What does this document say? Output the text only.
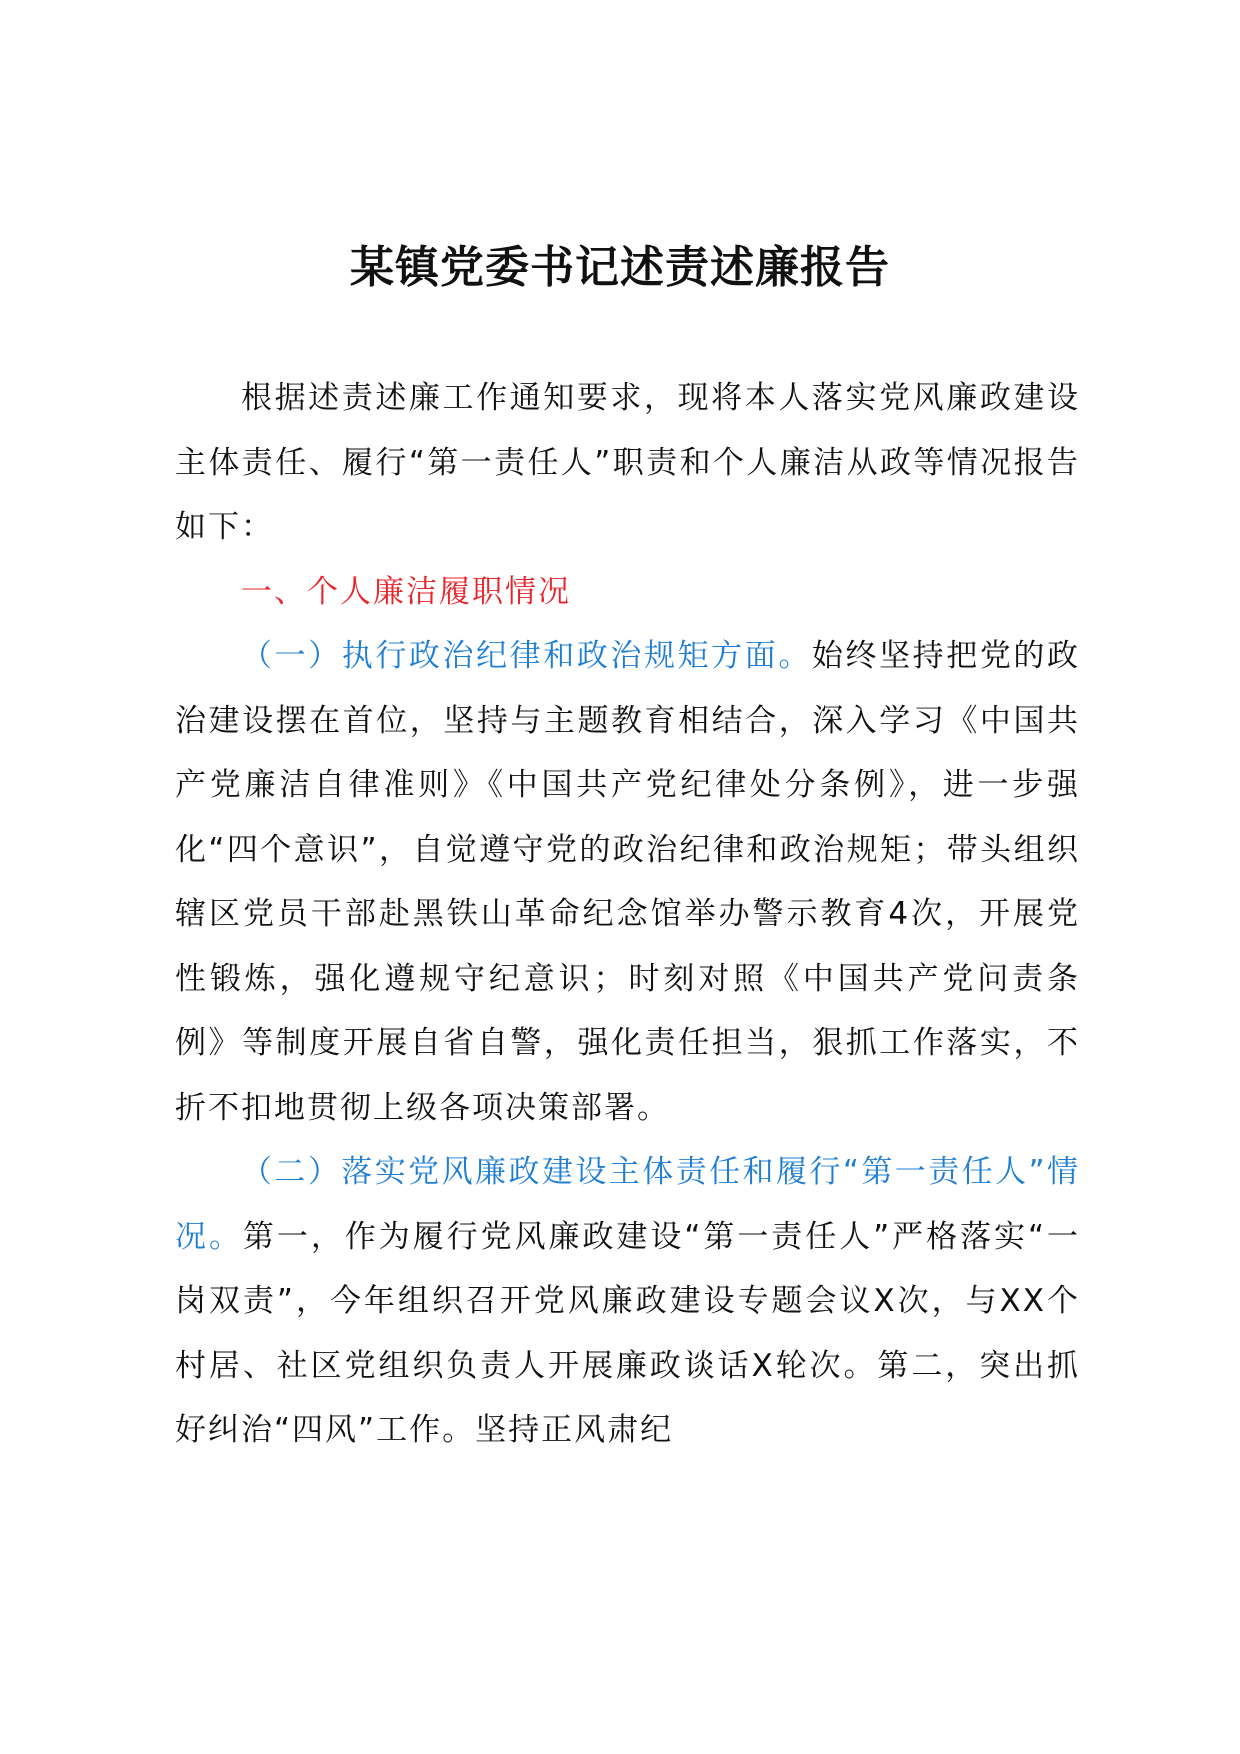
某镇党委书记述责述廉报告

根据述责述廉工作通知要求，现将本人落实党风廉政建设主体责任、履行“第一责任人”职责和个人廉洁从政等情况报告如下：

一、个人廉洁履职情况

（一）执行政治纪律和政治规矩方面。始终坚持把党的政治建设摆在首位，坚持与主题教育相结合，深入学习《中国共产党廉洁自律准则》《中国共产党纪律处分条例》，进一步强化“四个意识”，自觉遵守党的政治纪律和政治规矩；带头组织辖区党员干部赴黑铁山革命纪念馆举办警示教育4次，开展党性锻炼，强化遵规守纪意识；时刻对照《中国共产党问责条例》等制度开展自省自警，强化责任担当，狠抓工作落实，不折不扣地贯彻上级各项决策部署。

（二）落实党风廉政建设主体责任和履行“第一责任人”情况。第一，作为履行党风廉政建设“第一责任人”严格落实“一岗双责”，今年组织召开党风廉政建设专题会议X次，与XX个村居、社区党组织负责人开展廉政谈话X轮次。第二，突出抓好纠治“四风”工作。坚持正风肃纪
